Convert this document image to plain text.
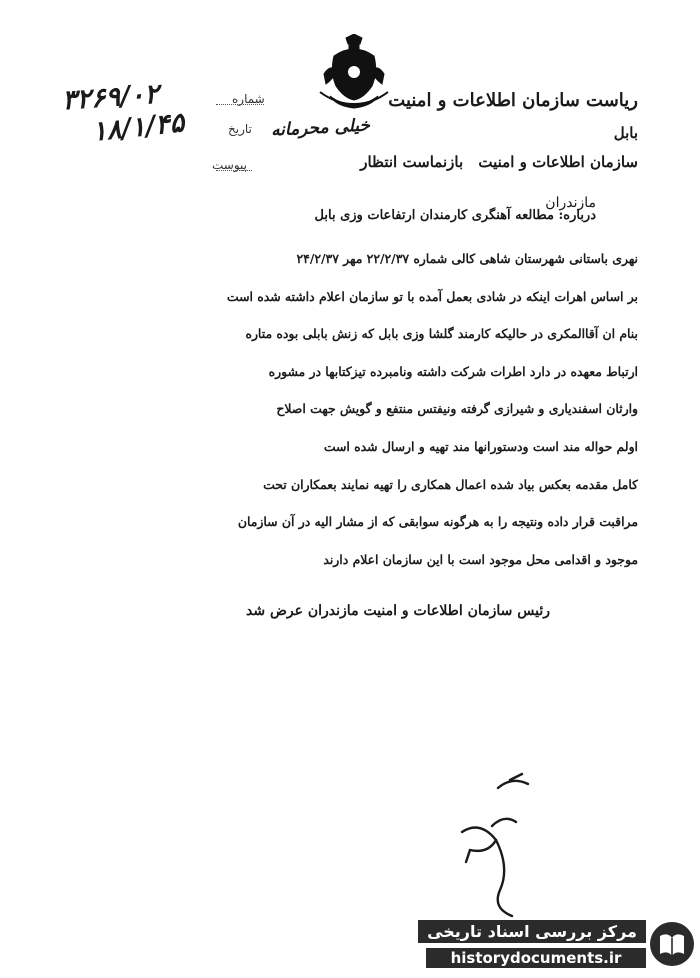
ریاست سازمان اطلاعات و امنیت
بابل
سازمان اطلاعات و امنیت بازنماست انتظار
خیلی محرمانه
شماره
تاریخ
پیوست
۳۲۶۹/۰۲
۱۸/۱/۴۵
مازندران
درباره: مطالعه آهنگری کارمندان ارتفاعات وزی بابل
نهری باستانی شهرستان شاهی کالی شماره ۲۲/۲/۳۷ مهر ۲۴/۲/۳۷
بر اساس اهرات اینکه در شادی بعمل آمده با تو سازمان اعلام داشته شده است
بنام ان آقاالمکری در حالیکه کارمند گلشا وزی بابل که زنش بابلی بوده متاره
ارتباط معهده در دارد اطرات شرکت داشته ونامبرده تیزکتابها در مشوره
وارثان اسفندیاری و شیرازی گرفته ونیفتس منتفع و گویش جهت اصلاح
اولم حواله مند است ودستورانها مند تهیه و ارسال شده است
کامل مقدمه بعکس بیاد شده اعمال همکاری را تهیه نمایند بعمکاران تحت
مراقبت قرار داده ونتیجه را به هرگونه سوابقی که از مشار الیه در آن سازمان
موجود و اقدامی محل موجود است با این سازمان اعلام دارند
رئیس سازمان اطلاعات و امنیت مازندران عرض شد
مرکز بررسی اسناد تاریخی
historydocuments.ir
